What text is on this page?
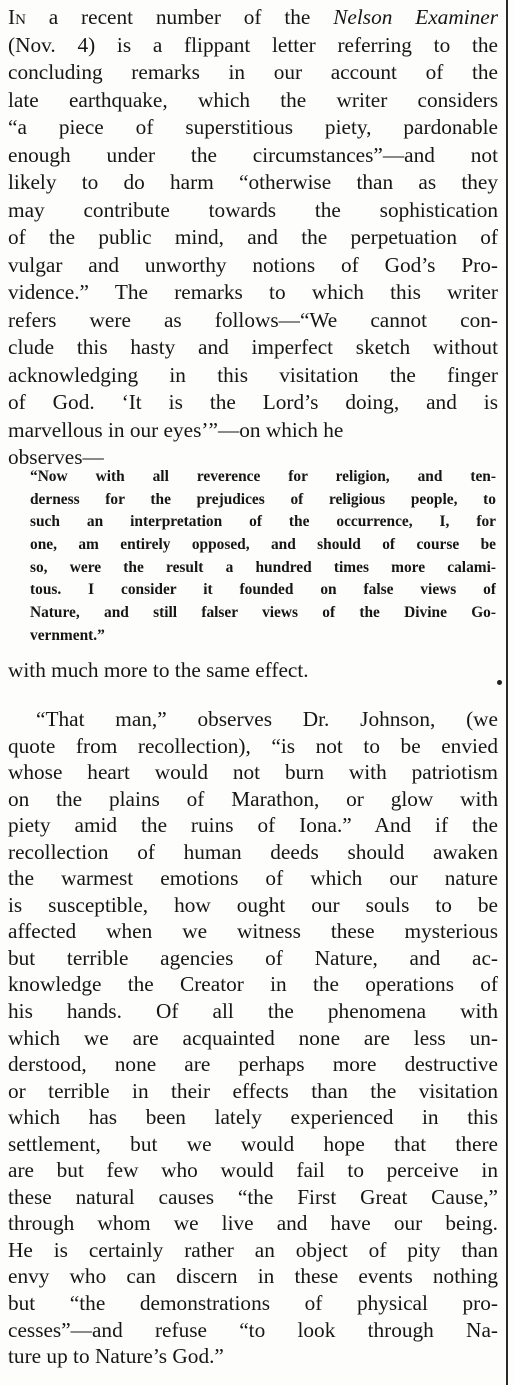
In a recent number of the Nelson Examiner
(Nov. 4) is a flippant letter referring to the
concluding remarks in our account of the
late earthquake, which the writer considers
“a piece of superstitious piety, pardonable
enough under the circumstances”—and not
likely to do harm “otherwise than as they
may contribute towards the sophistication
of the public mind, and the perpetuation of
vulgar and unworthy notions of God’s Pro-
vidence.” The remarks to which this writer
refers were as follows—“We cannot con-
clude this hasty and imperfect sketch without
acknowledging in this visitation the finger
of God. ‘It is the Lord’s doing, and is
marvellous in our eyes’”—on which he
observes—
“Now with all reverence for religion, and ten-
derness for the prejudices of religious people, to
such an interpretation of the occurrence, I, for
one, am entirely opposed, and should of course be
so, were the result a hundred times more calami-
tous. I consider it founded on false views of
Nature, and still falser views of the Divine Go-
vernment.”
with much more to the same effect.
“That man,” observes Dr. Johnson, (we
quote from recollection), “is not to be envied
whose heart would not burn with patriotism
on the plains of Marathon, or glow with
piety amid the ruins of Iona.” And if the
recollection of human deeds should awaken
the warmest emotions of which our nature
is susceptible, how ought our souls to be
affected when we witness these mysterious
but terrible agencies of Nature, and ac-
knowledge the Creator in the operations of
his hands. Of all the phenomena with
which we are acquainted none are less un-
derstood, none are perhaps more destructive
or terrible in their effects than the visitation
which has been lately experienced in this
settlement, but we would hope that there
are but few who would fail to perceive in
these natural causes “the First Great Cause,”
through whom we live and have our being.
He is certainly rather an object of pity than
envy who can discern in these events nothing
but “the demonstrations of physical pro-
cesses”—and refuse “to look through Na-
ture up to Nature’s God.”
